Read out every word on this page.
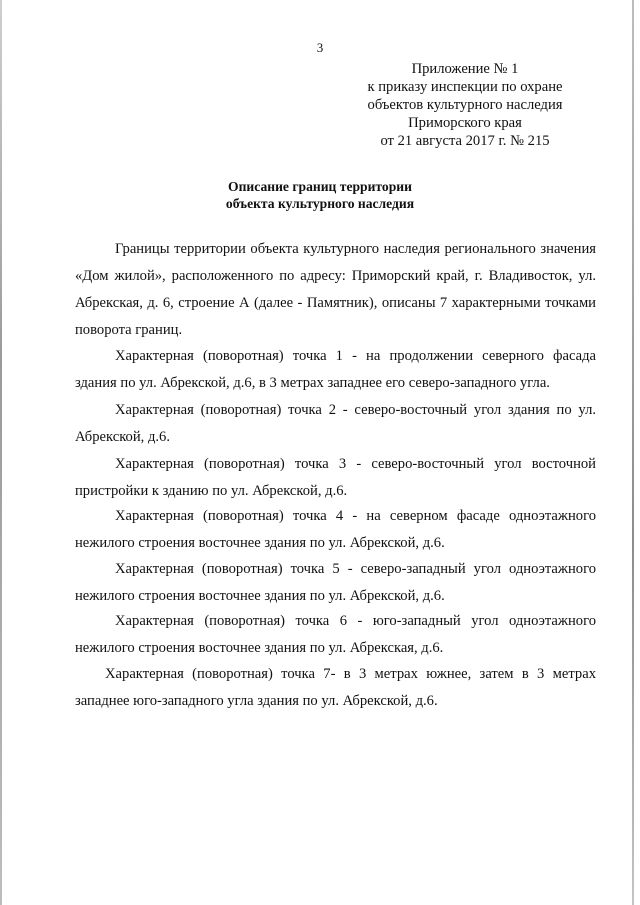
3
Приложение № 1
к приказу инспекции по охране
объектов культурного наследия
Приморского края
от 21 августа 2017 г. № 215
Описание границ территории
объекта культурного наследия

Границы территории объекта культурного наследия регионального значения «Дом жилой», расположенного по адресу: Приморский край, г. Владивосток, ул. Абрекская, д. 6, строение А (далее - Памятник), описаны 7 характерными точками поворота границ.

Характерная (поворотная) точка 1 - на продолжении северного фасада здания по ул. Абрекской, д.6, в 3 метрах западнее его северо-западного угла.

Характерная (поворотная) точка 2 - северо-восточный угол здания по ул. Абрекской, д.6.

Характерная (поворотная) точка 3 - северо-восточный угол восточной пристройки к зданию по ул. Абрекской, д.6.

Характерная (поворотная) точка 4 - на северном фасаде одноэтажного нежилого строения восточнее здания по ул. Абрекской, д.6.

Характерная (поворотная) точка 5 - северо-западный угол одноэтажного нежилого строения восточнее здания по ул. Абрекской, д.6.

Характерная (поворотная) точка 6 - юго-западный угол одноэтажного нежилого строения восточнее здания по ул. Абрекская, д.6.

Характерная (поворотная) точка 7- в 3 метрах южнее, затем в 3 метрах западнее юго-западного угла здания по ул. Абрекской, д.6.
